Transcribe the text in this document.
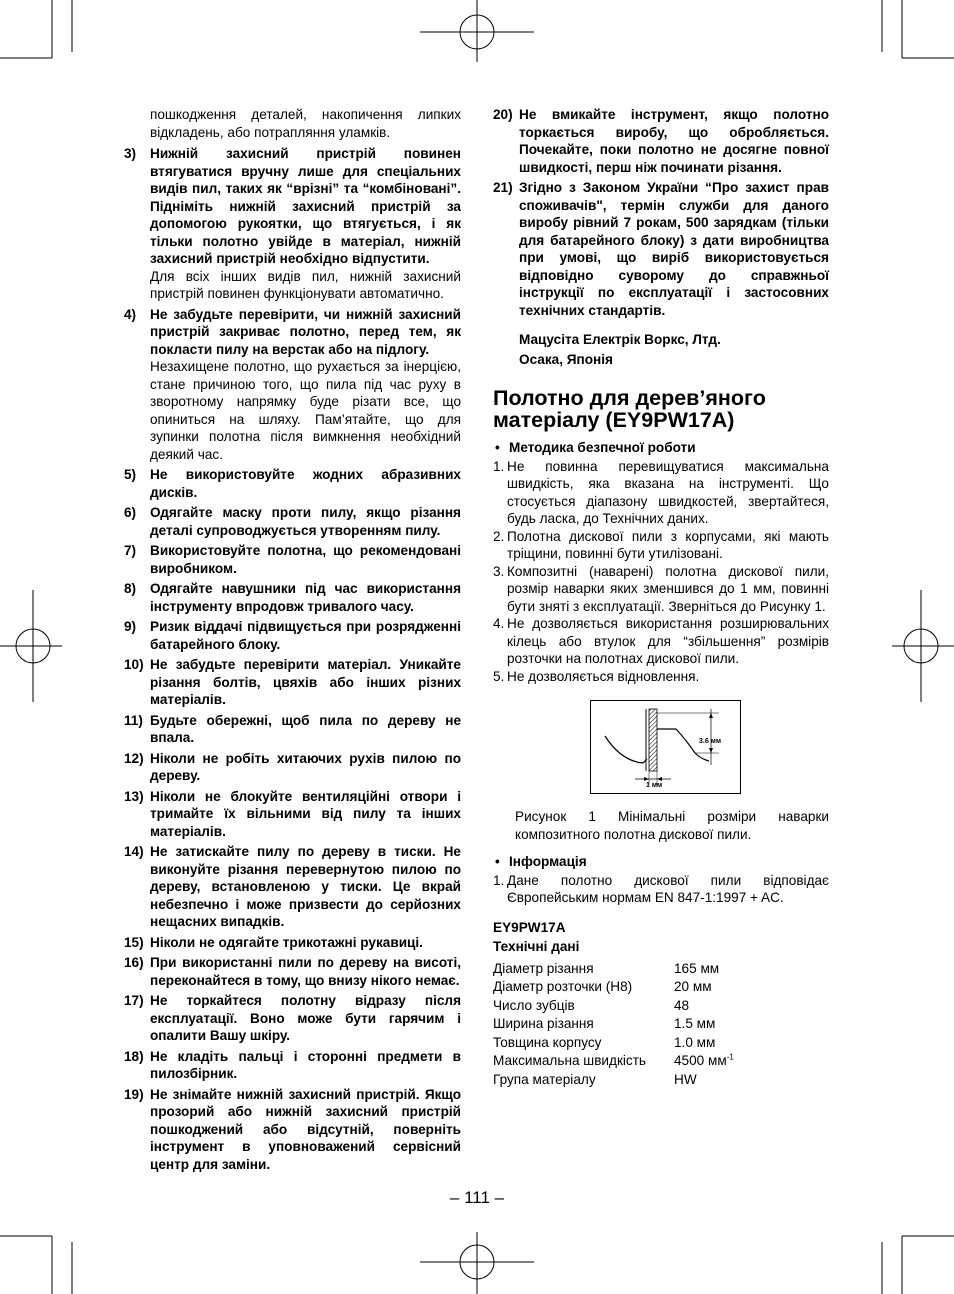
пошкодження деталей, накопичення липких відкладень, або потрапляння уламків.
3)	Нижній захисний пристрій повинен втягуватися вручну лише для спеціальних видів пил, таких як “врізні” та “комбіновані”. Підніміть нижній захисний пристрій за допомогою рукоятки, що втягується, і як тільки полотно увійде в матеріал, нижній захисний пристрій необхідно відпустити.
Для всіх інших видів пил, нижній захисний пристрій повинен функціонувати автоматично.
4)	Не забудьте перевірити, чи нижній захисний пристрій закриває полотно, перед тем, як покласти пилу на верстак або на підлогу.
Незахищене полотно, що рухається за інерцією, стане причиною того, що пила під час руху в зворотному напрямку буде різати все, що опиниться на шляху. Пам’ятайте, що для зупинки полотна після вимкнення необхідний деякий час.
5)	Не використовуйте жодних абразивних дисків.
6)	Одягайте маску проти пилу, якщо різання деталі супроводжується утворенням пилу.
7)	Використовуйте полотна, що рекомендовані виробником.
8)	Одягайте навушники під час використання інструменту впродовж тривалого часу.
9)	Ризик віддачі підвищується при розрядженні батарейного блоку.
10) Не забудьте перевірити матеріал. Уникайте різання болтів, цвяхів або інших різних матеріалів.
11) Будьте обережні, щоб пила по дереву не впала.
12) Ніколи не робіть хитаючих рухів пилою по дереву.
13) Ніколи не блокуйте вентиляційні отвори і тримайте їх вільними від пилу та інших матеріалів.
14) Не затискайте пилу по дереву в тиски. Не виконуйте різання перевернутою пилою по дереву, встановленою у тиски. Це вкрай небезпечно і може призвести до серйозних нещасних випадків.
15) Ніколи не одягайте трикотажні рукавиці.
16) При використанні пили по дереву на висоті, переконайтеся в тому, що внизу нікого немає.
17) Не торкайтеся полотну відразу після експлуатації. Воно може бути гарячим і опалити Вашу шкіру.
18) Не кладіть пальці і сторонні предмети в пилозбірник.
19) Не знімайте нижній захисний пристрій. Якщо прозорий або нижній захисний пристрій пошкоджений або відсутній, поверніть інструмент в уповноважений сервісний центр для заміни.
20) Не вмикайте інструмент, якщо полотно торкається виробу, що обробляється. Почекайте, поки полотно не досягне повної швидкості, перш ніж починати різання.
21) Згідно з Законом України “Про захист прав споживачів", термін служби для даного виробу рівний 7 рокам, 500 зарядкам (тільки для батарейного блоку) з дати виробництва при умові, що виріб використовується відповідно суворому до справжньої інструкції по експлуатації і застосовних технічних стандартів.
Мацусіта Електрік Воркс, Лтд.
Осака, Японія
Полотно для дерев’яного
матеріалу (EY9PW17A)
• Методика безпечної роботи
1. Не повинна перевищуватися максимальна швидкість, яка вказана на інструменті. Що стосується діапазону швидкостей, звертайтеся, будь ласка, до Технічних даних.
2. Полотна дискової пили з корпусами, які мають тріщини, повинні бути утилізовані.
3. Композитні (наварені) полотна дискової пили, розмір наварки яких зменшився до 1 мм, повинні бути зняті з експлуатації. Зверніться до Рисунку 1.
4. Не дозволяється використання розширювальних кілець або втулок для “збільшення” розмірів розточки на полотнах дискової пили.
5. Не дозволяється відновлення.
3.6 мм
1 мм
Рисунок 1 Мінімальні розміри наварки композитного полотна дискової пили.
• Інформація
1. Дане полотно дискової пили відповідає Європейським нормам EN 847-1:1997 + AC.
EY9PW17A
Технічні дані
Діаметр різання	165 мм
Діаметр розточки (H8)	20 мм
Число зубців	48
Ширина різання	1.5 мм
Товщина корпусу	1.0 мм
Максимальна швидкість	4500 $мм^{-1}$
Група матеріалу	HW
– 111 –
